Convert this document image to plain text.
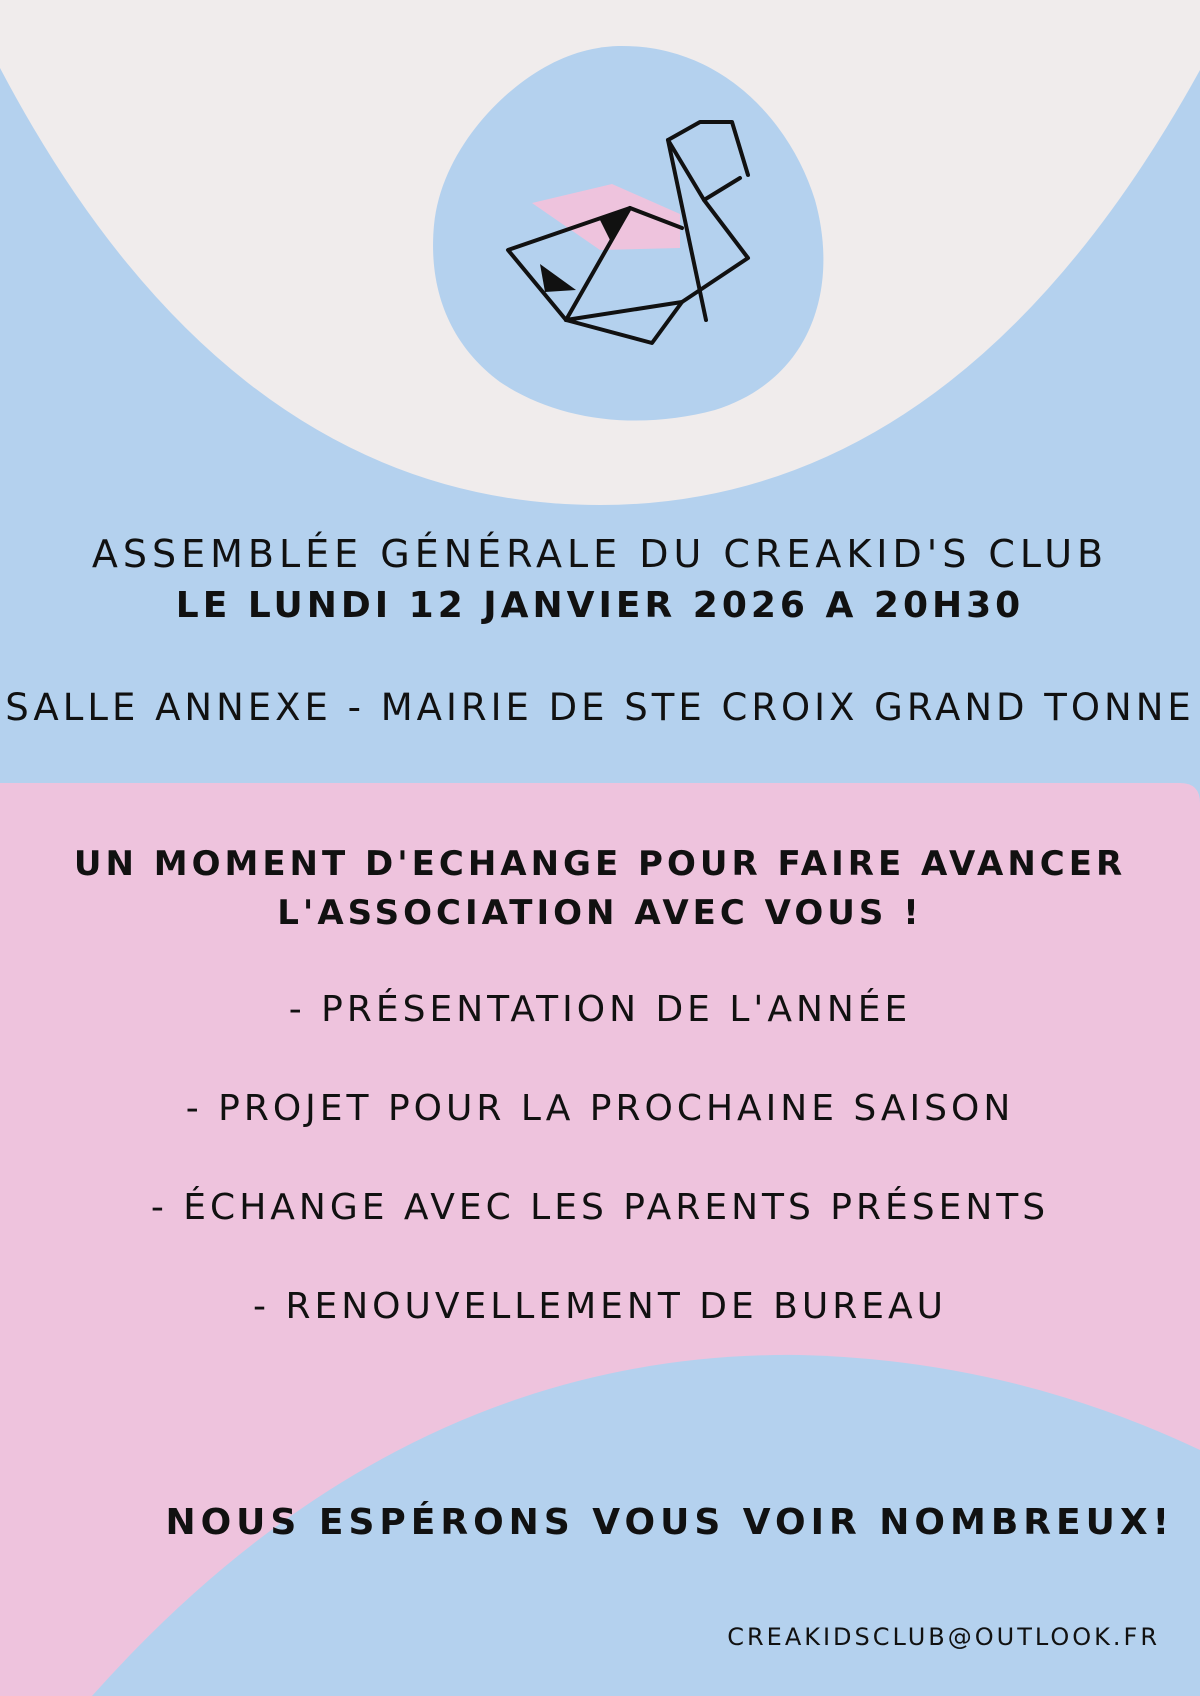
ASSEMBLÉE GÉNÉRALE DU CREAKID'S CLUB

LE LUNDI 12 JANVIER 2026 A 20H30

SALLE ANNEXE - MAIRIE DE STE CROIX GRAND TONNE

UN MOMENT D'ECHANGE POUR FAIRE AVANCER L'ASSOCIATION AVEC VOUS !

- PRÉSENTATION DE L'ANNÉE
- PROJET POUR LA PROCHAINE SAISON
- ÉCHANGE AVEC LES PARENTS PRÉSENTS
- RENOUVELLEMENT DE BUREAU

NOUS ESPÉRONS VOUS VOIR NOMBREUX!

CREAKIDSCLUB@OUTLOOK.FR
